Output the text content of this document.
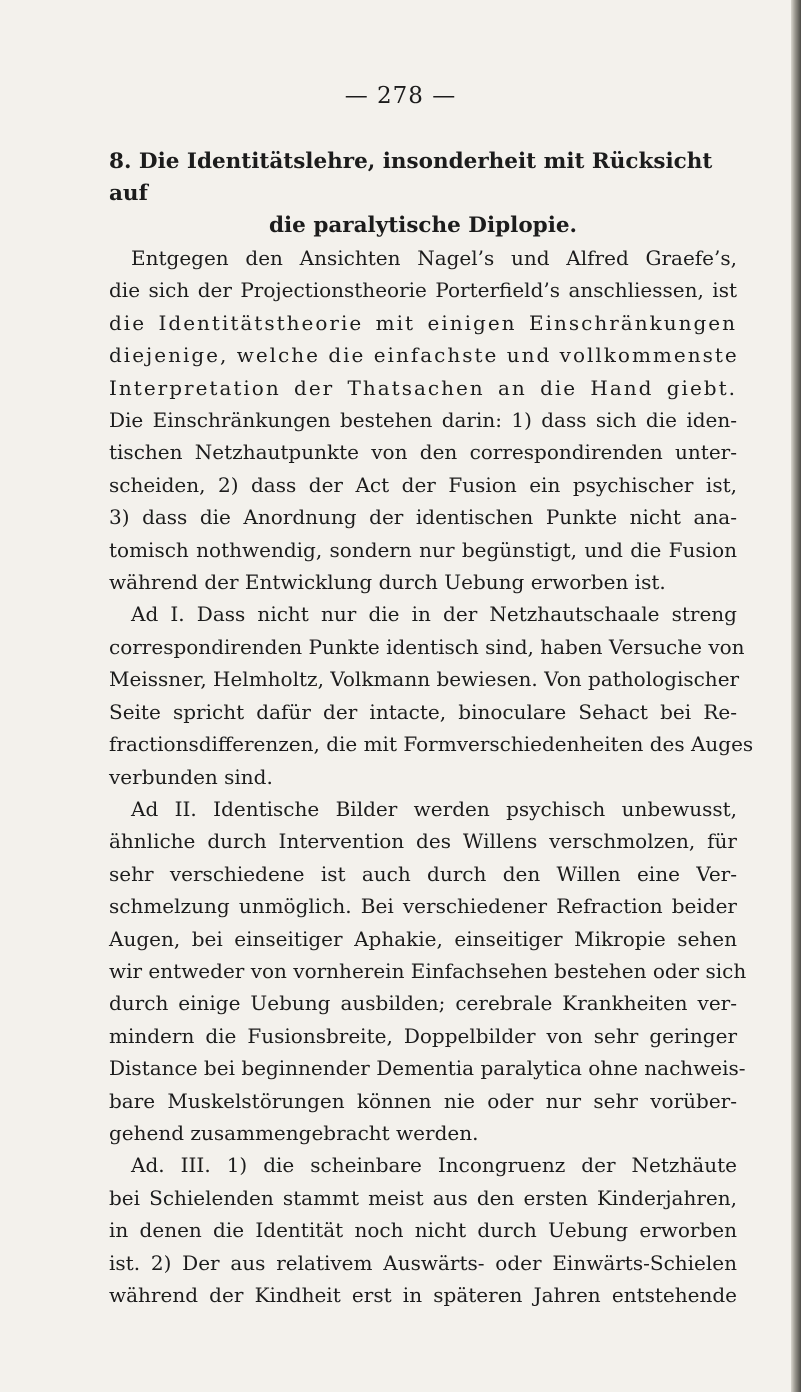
— 278 —
8. Die Identitätslehre, insonderheit mit Rücksicht auf
die paralytische Diplopie.
Entgegen den Ansichten Nagel’s und Alfred Graefe’s,
die sich der Projectionstheorie Porterfield’s anschliessen, ist
die Identitätstheorie mit einigen Einschränkungen
diejenige, welche die einfachste und vollkommenste
Interpretation der Thatsachen an die Hand giebt.
Die Einschränkungen bestehen darin: 1) dass sich die iden-
tischen Netzhautpunkte von den correspondirenden unter-
scheiden, 2) dass der Act der Fusion ein psychischer ist,
3) dass die Anordnung der identischen Punkte nicht ana-
tomisch nothwendig, sondern nur begünstigt, und die Fusion
während der Entwicklung durch Uebung erworben ist.
Ad I. Dass nicht nur die in der Netzhautschaale streng
correspondirenden Punkte identisch sind, haben Versuche von
Meissner, Helmholtz, Volkmann bewiesen. Von pathologischer
Seite spricht dafür der intacte, binoculare Sehact bei Re-
fractionsdifferenzen, die mit Formverschiedenheiten des Auges
verbunden sind.
Ad II. Identische Bilder werden psychisch unbewusst,
ähnliche durch Intervention des Willens verschmolzen, für
sehr verschiedene ist auch durch den Willen eine Ver-
schmelzung unmöglich. Bei verschiedener Refraction beider
Augen, bei einseitiger Aphakie, einseitiger Mikropie sehen
wir entweder von vornherein Einfachsehen bestehen oder sich
durch einige Uebung ausbilden; cerebrale Krankheiten ver-
mindern die Fusionsbreite, Doppelbilder von sehr geringer
Distance bei beginnender Dementia paralytica ohne nachweis-
bare Muskelstörungen können nie oder nur sehr vorüber-
gehend zusammengebracht werden.
Ad. III. 1) die scheinbare Incongruenz der Netzhäute
bei Schielenden stammt meist aus den ersten Kinderjahren,
in denen die Identität noch nicht durch Uebung erworben
ist. 2) Der aus relativem Auswärts- oder Einwärts-Schielen
während der Kindheit erst in späteren Jahren entstehende
